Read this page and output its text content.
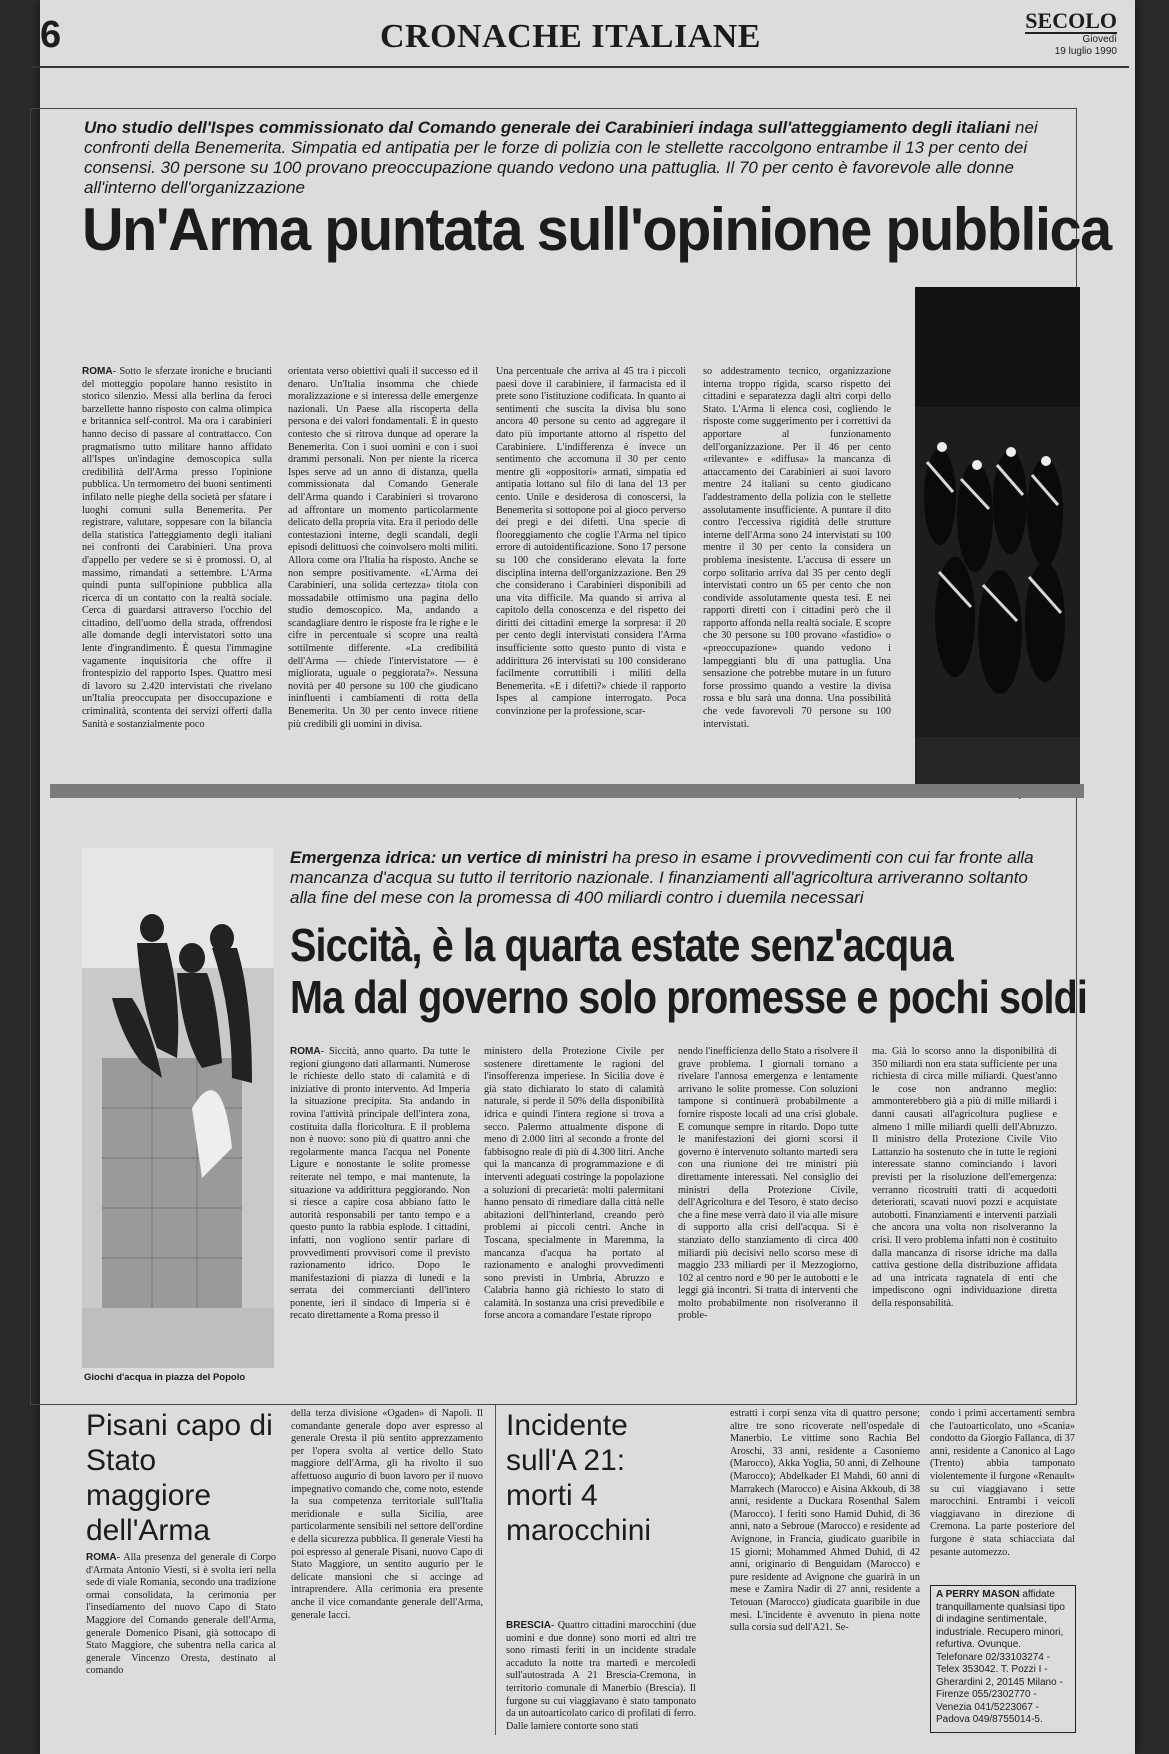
6	CRONACHE ITALIANE	SECOLO
Giovedì
19 luglio 1990
Uno studio dell'Ispes commissionato dal Comando generale dei Carabinieri indaga sull'atteggiamento degli italiani nei confronti della Benemerita. Simpatia ed antipatia per le forze di polizia con le stellette raccolgono entrambe il 13 per cento dei consensi. 30 persone su 100 provano preoccupazione quando vedono una pattuglia. Il 70 per cento è favorevole alle donne all'interno dell'organizzazione
Un'Arma puntata sull'opinione pubblica
ROMA- Sotto le sferzate ironiche e brucianti del motteggio popolare hanno resistito in storico silenzio. Messi alla berlina da feroci barzellette hanno risposto con calma olimpica e britannica self-control. Ma ora i carabinieri hanno deciso di passare al contrattacco. Con pragmatismo tutto militare hanno affidato all'Ispes un'indagine demoscopica sulla credibilità dell'Arma presso l'opinione pubblica. Un termometro dei buoni sentimenti infilato nelle pieghe della società per sfatare i luoghi comuni sulla Benemerita. Per registrare, valutare, soppesare con la bilancia della statistica l'atteggiamento degli italiani nei confronti dei Carabinieri. Una prova d'appello per vedere se si è promossi. O, al massimo, rimandati a settembre. L'Arma quindi punta sull'opinione pubblica alla ricerca di un contatto con la realtà sociale. Cerca di guardarsi attraverso l'occhio del cittadino, dell'uomo della strada, offrendosi alle domande degli intervistatori sotto una lente d'ingrandimento. È questa l'immagine vagamente inquisitoria che offre il frontespizio del rapporto Ispes. Quattro mesi di lavoro su 2.420 intervistati che rivelano un'Italia preoccupata per disoccupazione e criminalità, scontenta dei servizi offerti dalla Sanità e sostanzialmente poco
orientata verso obiettivi quali il successo ed il denaro. Un'Italia insomma che chiede moralizzazione e si interessa delle emergenze nazionali. Un Paese alla riscoperta della persona e dei valori fondamentali. È in questo contesto che si ritrova dunque ad operare la Benemerita. Con i suoi uomini e con i suoi drammi personali. Non per niente la ricerca Ispes serve ad un anno di distanza, quella commissionata dal Comando Generale dell'Arma quando i Carabinieri si trovarono ad affrontare un momento particolarmente delicato della propria vita. Era il periodo delle contestazioni interne, degli scandali, degli episodi delittuosi che coinvolsero molti militi. Allora come ora l'Italia ha risposto. Anche se non sempre positivamente. «L'Arma dei Carabinieri, una solida certezza» titola con mossadabile ottimismo una pagina dello studio demoscopico. Ma, andando a scandagliare dentro le risposte fra le righe e le cifre in percentuale si scopre una realtà sottilmente differente. «La credibilità dell'Arma — chiede l'intervistatore — è migliorata, uguale o peggiorata?». Nessuna novità per 40 persone su 100 che giudicano ininfluenti i cambiamenti di rotta della Benemerita. Un 30 per cento invece ritiene più credibili gli uomini in divisa.
Una percentuale che arriva al 45 tra i piccoli paesi dove il carabiniere, il farmacista ed il prete sono l'istituzione codificata. In quanto ai sentimenti che suscita la divisa blu sono ancora 40 persone su cento ad aggregare il dato più importante attorno al rispetto del Carabiniere. L'indifferenza è invece un sentimento che accomuna il 30 per cento mentre gli «oppositori» armati, simpatia ed antipatia lottano sul filo di lana del 13 per cento. Unile e desiderosa di conoscersi, la Benemerita si sottopone poi al gioco perverso dei pregi e dei difetti. Una specie di flooreggiamento che coglie l'Arma nel tipico errore di autoidentificazione. Sono 17 persone su 100 che considerano elevata la forte disciplina interna dell'organizzazione. Ben 29 che considerano i Carabinieri disponibili ad una vita difficile. Ma quando si arriva al capitolo della conoscenza e del rispetto dei diritti dei cittadini emerge la sorpresa: il 20 per cento degli intervistati considera l'Arma insufficiente sotto questo punto di vista e addirittura 26 intervistati su 100 considerano facilmente corruttibili i militi della Benemerita. «E i difetti?» chiede il rapporto Ispes al campione interrogato. Poca convinzione per la professione, scar-
so addestramento tecnico, organizzazione interna troppo rigida, scarso rispetto dei cittadini e separatezza dagli altri corpi dello Stato. L'Arma li elenca così, cogliendo le risposte come suggerimento per i correttivi da apportare al funzionamento dell'organizzazione. Per il 46 per cento «rilevante» e «diffusa» la mancanza di attaccamento dei Carabinieri ai suoi lavoro mentre 24 italiani su cento giudicano l'addestramento della polizia con le stellette assolutamente insufficiente. A puntare il dito contro l'eccessiva rigidità delle strutture interne dell'Arma sono 24 intervistati su 100 mentre il 30 per cento la considera un problema inesistente. L'accusa di essere un corpo solitario arriva dal 35 per cento degli intervistati contro un 65 per cento che non condivide assolutamente questa tesi. E nei rapporti diretti con i cittadini però che il rapporto affonda nella realtà sociale. E scopre che 30 persone su 100 provano «fastidio» o «preoccupazione» quando vedono i lampeggianti blu di una pattuglia. Una sensazione che potrebbe mutare in un futuro forse prossimo quando a vestire la divisa rossa e blu sarà una donna. Una possibilità che vede favorevoli 70 persone su 100 intervistati.
Giochi d'acqua in piazza del Popolo
Emergenza idrica: un vertice di ministri ha preso in esame i provvedimenti con cui far fronte alla mancanza d'acqua su tutto il territorio nazionale. I finanziamenti all'agricoltura arriveranno soltanto alla fine del mese con la promessa di 400 miliardi contro i duemila necessari
Siccità, è la quarta estate senz'acqua
Ma dal governo solo promesse e pochi soldi
ROMA- Siccità, anno quarto. Da tutte le regioni giungono dati allarmanti. Numerose le richieste dello stato di calamità e di iniziative di pronto intervento. Ad Imperia la situazione precipita. Sta andando in rovina l'attività principale dell'intera zona, costituita dalla floricoltura. E il problema non è nuovo: sono più di quattro anni che regolarmente manca l'acqua nel Ponente Ligure e nonostante le solite promesse reiterate nel tempo, e mai mantenute, la situazione va addirittura peggiorando. Non si riesce a capire cosa abbiano fatto le autorità responsabili per tanto tempo e a questo punto la rabbia esplode. I cittadini, infatti, non vogliono sentir parlare di provvedimenti provvisori come il previsto razionamento idrico. Dopo le manifestazioni di piazza di lunedì e la serrata dei commercianti dell'intero ponente, ieri il sindaco di Imperia si è recato direttamente a Roma presso il
ministero della Protezione Civile per sostenere direttamente le ragioni del l'insofferenza imperiese. In Sicilia dove è già stato dichiarato lo stato di calamità naturale, si perde il 50% della disponibilità idrica e quindi l'intera regione si trova a secco. Palermo attualmente dispone di meno di 2.000 litri al secondo a fronte del fabbisogno reale di più di 4.300 litri. Anche qui la mancanza di programmazione e di interventi adeguati costringe la popolazione a soluzioni di precarietà: molti palermitani hanno pensato di rimediare dalla città nelle abitazioni dell'hinterland, creando però problemi ai piccoli centri. Anche in Toscana, specialmente in Maremma, la mancanza d'acqua ha portato al razionamento e analoghi provvedimenti sono previsti in Umbria, Abruzzo e Calabria hanno già richiesto lo stato di calamità. In sostanza una crisi prevedibile e forse ancora a comandare l'estate ripropo
nendo l'inefficienza dello Stato a risolvere il grave problema. I giornali tornano a rivelare l'annosa emergenza e lentamente arrivano le solite promesse. Con soluzioni tampone si continuerà probabilmente a fornire risposte locali ad una crisi globale. E comunque sempre in ritardo. Dopo tutte le manifestazioni dei giorni scorsi il governo è intervenuto soltanto martedì sera con una riunione dei tre ministri più direttamente interessati. Nel consiglio dei ministri della Protezione Civile, dell'Agricoltura e del Tesoro, è stato deciso che a fine mese verrà dato il via alle misure di supporto alla crisi dell'acqua. Si è stanziato dello stanziamento di circa 400 miliardi più decisivi nello scorso mese di maggio 233 miliardi per il Mezzogiorno, 102 al centro nord e 90 per le autobotti e le leggi già incontri. Si tratta di interventi che molto probabilmente non risolveranno il proble-
ma. Già lo scorso anno la disponibilità di 350 miliardi non era stata sufficiente per una richiesta di circa mille miliardi. Quest'anno le cose non andranno meglio: ammonterebbero già a più di mille miliardi i danni causati all'agricoltura pugliese e almeno 1 mille miliardi quelli dell'Abruzzo. Il ministro della Protezione Civile Vito Lattanzio ha sostenuto che in tutte le regioni interessate stanno cominciando i lavori previsti per la risoluzione dell'emergenza: verranno ricostruiti tratti di acquedotti deteriorati, scavati nuovi pozzi e acquistate autobotti. Finanziamenti e interventi parziali che ancora una volta non risolveranno la crisi. Il vero problema infatti non è costituito dalla mancanza di risorse idriche ma dalla cattiva gestione della distribuzione affidata ad una intricata ragnatela di enti che impediscono ogni individuazione diretta della responsabilità.
Pisani capo di Stato maggiore dell'Arma
ROMA- Alla presenza del generale di Corpo d'Armata Antonio Viesti, si è svolta ieri nella sede di viale Romania, secondo una tradizione ormai consolidata, la cerimonia per l'insediamento del nuovo Capo di Stato Maggiore del Comando generale dell'Arma, generale Domenico Pisani, già sottocapo di Stato Maggiore, che subentra nella carica al generale Vincenzo Oresta, destinato al comando
della terza divisione «Ogaden» di Napoli. Il comandante generale dopo aver espresso al generale Oresta il più sentito apprezzamento per l'opera svolta al vertice dello Stato maggiore dell'Arma, gli ha rivolto il suo affettuoso augurio di buon lavoro per il nuovo impegnativo comando che, come noto, estende la sua competenza territoriale sull'Italia meridionale e sulla Sicilia, aree particolarmente sensibili nel settore dell'ordine e della sicurezza pubblica. Il generale Viesti ha poi espresso al generale Pisani, nuovo Capo di Stato Maggiore, un sentito augurio per le delicate mansioni che si accinge ad intraprendere. Alla cerimonia era presente anche il vice comandante generale dell'Arma, generale Iacci.
Incidente sull'A 21: morti 4 marocchini
BRESCIA- Quattro cittadini marocchini (due uomini e due donne) sono morti ed altri tre sono rimasti feriti in un incidente stradale accaduto la notte tra martedì e mercoledì sull'autostrada A 21 Brescia-Cremona, in territorio comunale di Manerbio (Brescia). Il furgone su cui viaggiavano è stato tamponato da un autoarticolato carico di profilati di ferro. Dalle lamiere contorte sono stati
estratti i corpi senza vita di quattro persone; altre tre sono ricoverate nell'ospedale di Manerbio. Le vittime sono Rachia Bel Aroschi, 33 anni, residente a Casoniemo (Marocco), Akka Yoglia, 50 anni, di Zelhoune (Marocco); Abdelkader El Mahdi, 60 anni di Marrakech (Marocco) e Aisina Akkoub, di 38 anni, residente a Duckara Rosenthal Salem (Marocco). I feriti sono Hamid Duhid, di 36 anni, nato a Sebroue (Marocco) e residente ad Avignone, in Francia, giudicato guaribile in 15 giorni; Mohammed Ahmed Duhid, di 42 anni, originario di Benguidam (Marocco) e pure residente ad Avignone che guarirà in un mese e Zamira Nadir di 27 anni, residente a Tetouan (Marocco) giudicata guaribile in due mesi. L'incidente è avvenuto in piena notte sulla corsia sud dell'A21. Se-
condo i primi accertamenti sembra che l'autoarticolato, uno «Scania» condotto da Giorgio Fallanca, di 37 anni, residente a Canonico al Lago (Trento) abbia tamponato violentemente il furgone «Renault» su cui viaggiavano i sette marocchini. Entrambi i veicoli viaggiavano in direzione di Cremona. La parte posteriore del furgone è stata schiacciata dal pesante automezzo.
A PERRY MASON affidate tranquillamente qualsiasi tipo di indagine sentimentale, industriale. Recupero minori, refurtiva. Ovunque. Telefonare 02/33103274 - Telex 353042. T. Pozzi I - Gherardini 2, 20145 Milano - Firenze 055/2302770 - Venezia 041/5223067 - Padova 049/8755014-5.
